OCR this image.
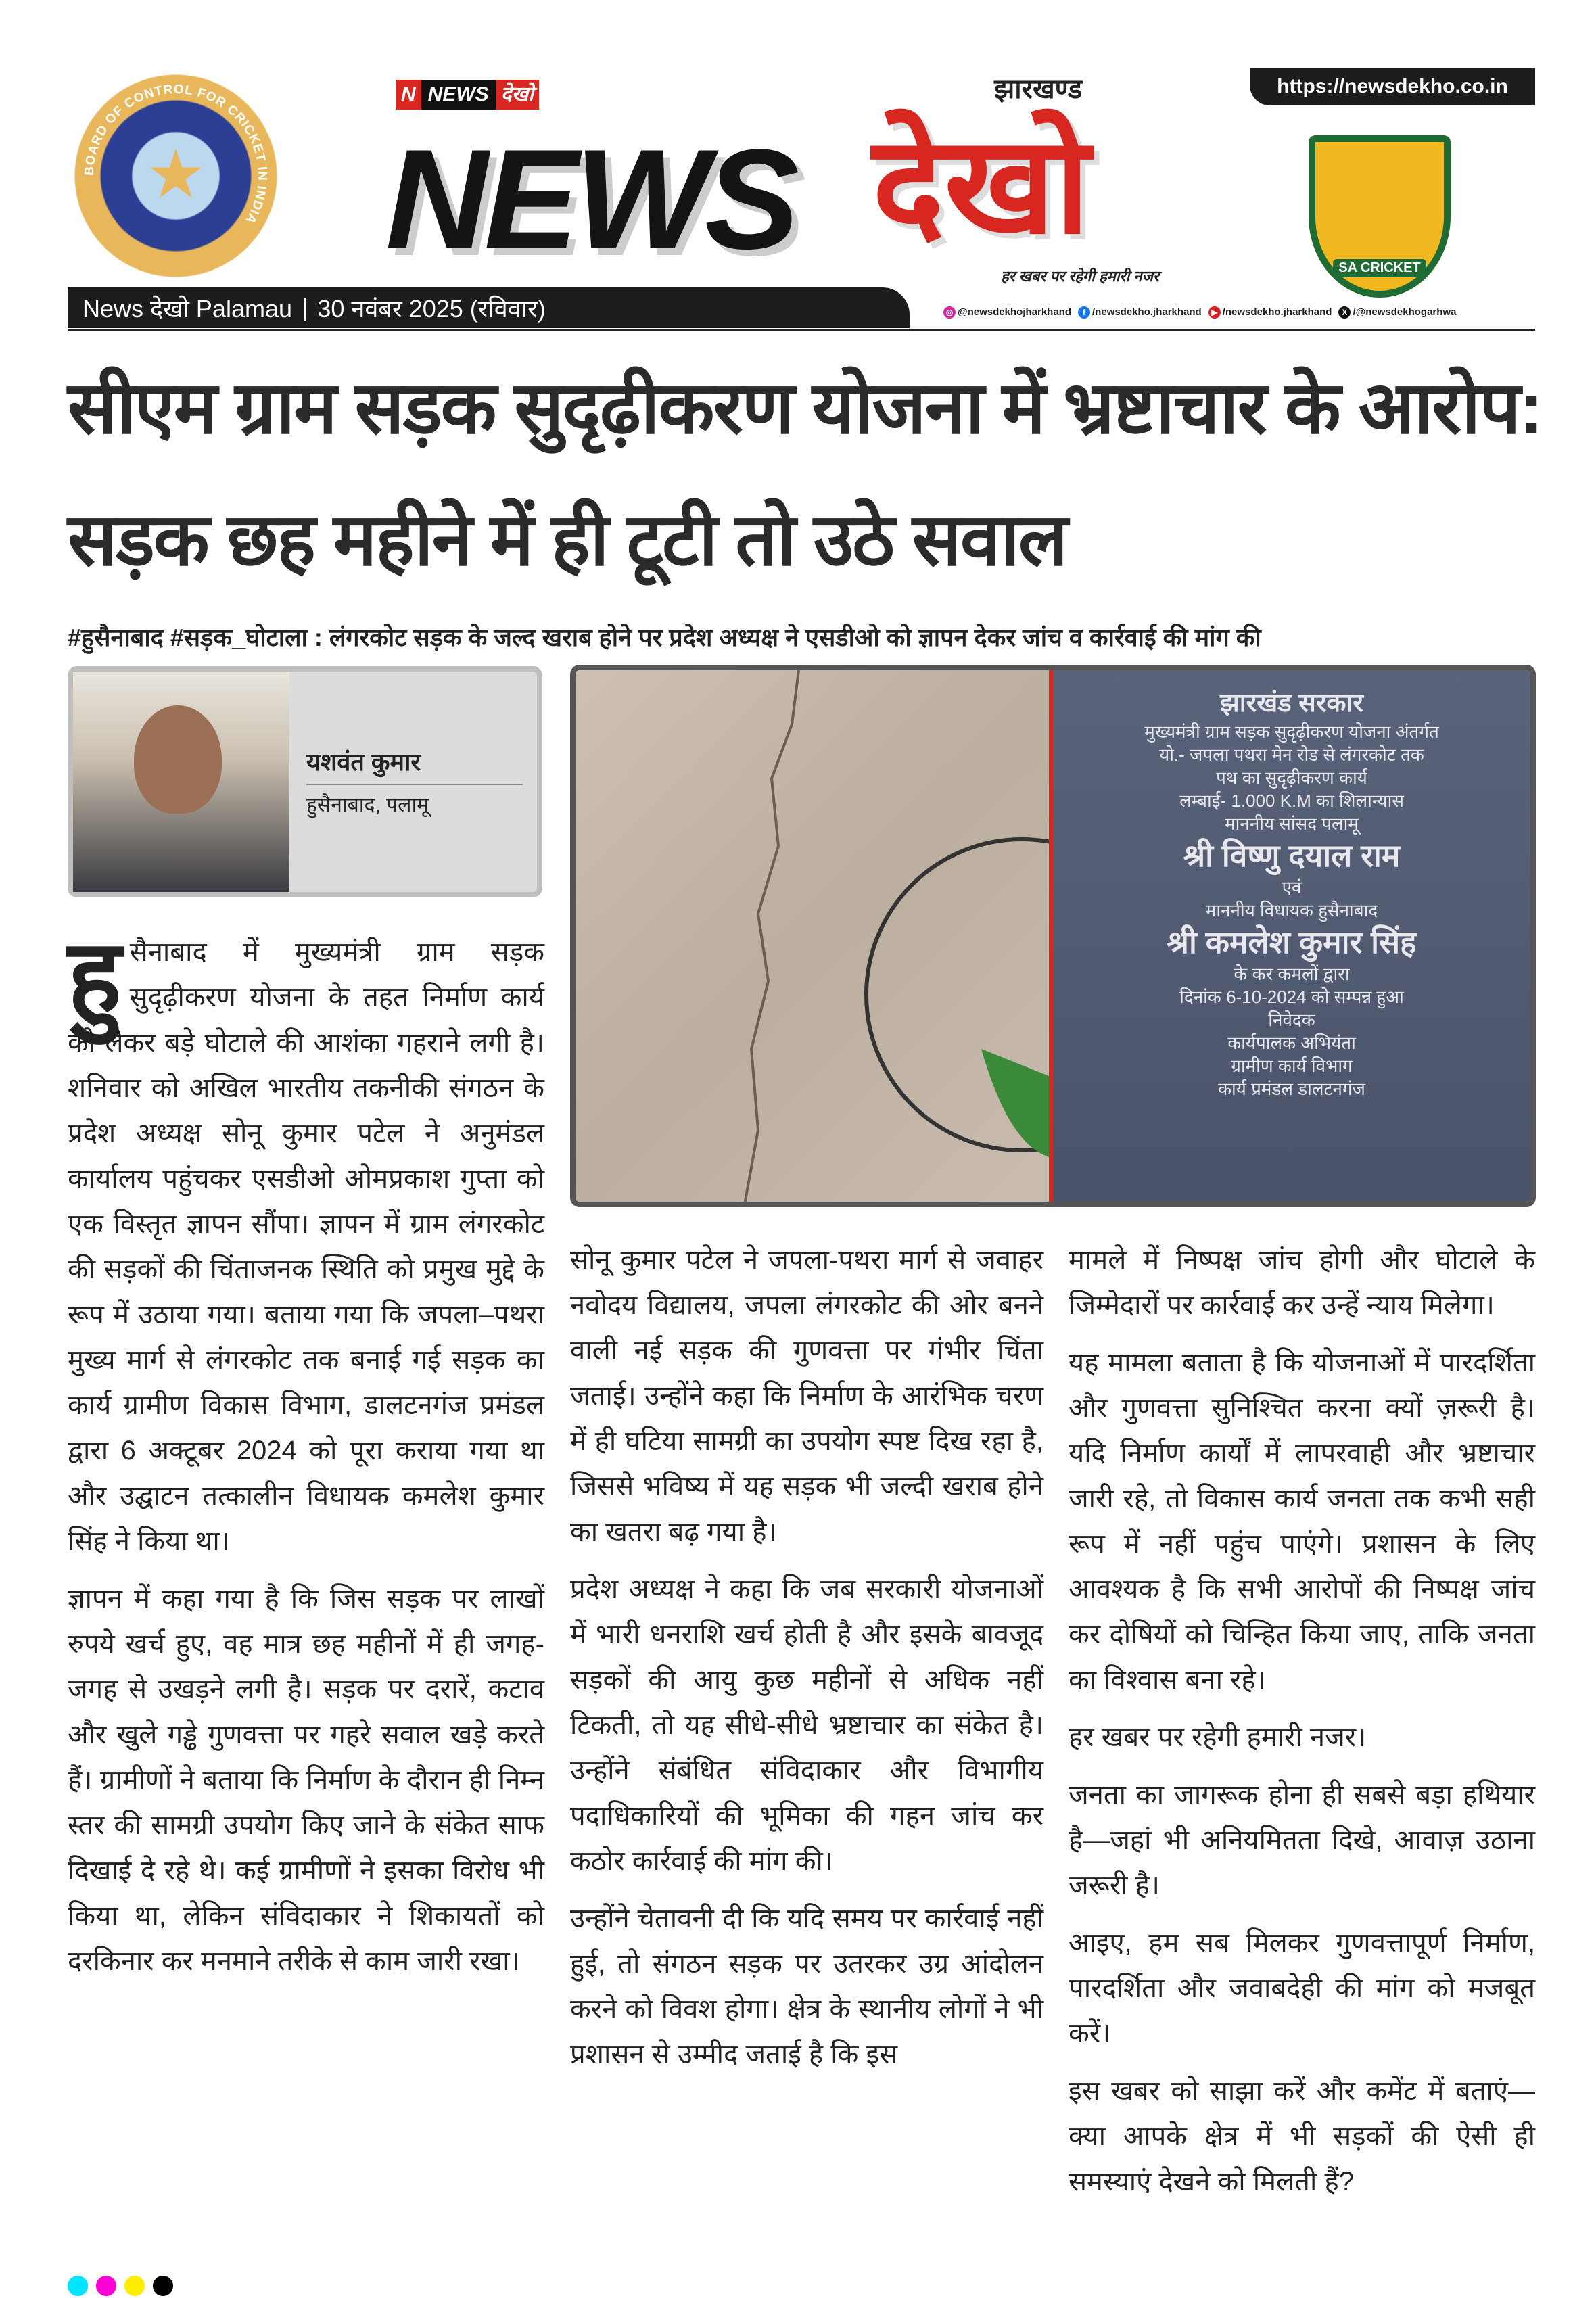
https://newsdekho.co.in
★
BOARD OF CONTROL FOR CRICKET IN INDIA
N NEWS देखो
NEWS
झारखण्ड
देखो
हर खबर पर रहेगी हमारी नजर	SA CRICKET
News देखो Palamau | 30 नवंबर 2025 (रविवार)	◎ @newsdekhojharkhand	f /newsdekho.jharkhand	▶ /newsdekho.jharkhand	X /@newsdekhogarhwa
सीएम ग्राम सड़क सुदृढ़ीकरण योजना में भ्रष्टाचार के आरोप: सड़क छह महीने में ही टूटी तो उठे सवाल
#हुसैनाबाद #सड़क_घोटाला : लंगरकोट सड़क के जल्द खराब होने पर प्रदेश अध्यक्ष ने एसडीओ को ज्ञापन देकर जांच व कार्रवाई की मांग की
यशवंत कुमार
हुसैनाबाद, पलामू
झारखंड सरकार
मुख्यमंत्री ग्राम सड़क सुदृढ़ीकरण योजना अंतर्गत
यो.- जपला पथरा मेन रोड से लंगरकोट तक
पथ का सुदृढ़ीकरण कार्य
लम्बाई- 1.000 K.M का शिलान्यास
माननीय सांसद पलामू
श्री विष्णु दयाल राम
एवं
माननीय विधायक हुसैनाबाद
श्री कमलेश कुमार सिंह
के कर कमलों द्वारा
दिनांक 6-10-2024 को सम्पन्न हुआ
निवेदक
कार्यपालक अभियंता
ग्रामीण कार्य विभाग
कार्य प्रमंडल डालटनगंज

हुसैनाबाद में मुख्यमंत्री ग्राम सड़क सुदृढ़ीकरण योजना के तहत निर्माण कार्य को लेकर बड़े घोटाले की आशंका गहराने लगी है। शनिवार को अखिल भारतीय तकनीकी संगठन के प्रदेश अध्यक्ष सोनू कुमार पटेल ने अनुमंडल कार्यालय पहुंचकर एसडीओ ओमप्रकाश गुप्ता को एक विस्तृत ज्ञापन सौंपा। ज्ञापन में ग्राम लंगरकोट की सड़कों की चिंताजनक स्थिति को प्रमुख मुद्दे के रूप में उठाया गया। बताया गया कि जपला–पथरा मुख्य मार्ग से लंगरकोट तक बनाई गई सड़क का कार्य ग्रामीण विकास विभाग, डालटनगंज प्रमंडल द्वारा 6 अक्टूबर 2024 को पूरा कराया गया था और उद्घाटन तत्कालीन विधायक कमलेश कुमार सिंह ने किया था।

ज्ञापन में कहा गया है कि जिस सड़क पर लाखों रुपये खर्च हुए, वह मात्र छह महीनों में ही जगह-जगह से उखड़ने लगी है। सड़क पर दरारें, कटाव और खुले गड्ढे गुणवत्ता पर गहरे सवाल खड़े करते हैं। ग्रामीणों ने बताया कि निर्माण के दौरान ही निम्न स्तर की सामग्री उपयोग किए जाने के संकेत साफ दिखाई दे रहे थे। कई ग्रामीणों ने इसका विरोध भी किया था, लेकिन संविदाकार ने शिकायतों को दरकिनार कर मनमाने तरीके से काम जारी रखा।

सोनू कुमार पटेल ने जपला-पथरा मार्ग से जवाहर नवोदय विद्यालय, जपला लंगरकोट की ओर बनने वाली नई सड़क की गुणवत्ता पर गंभीर चिंता जताई। उन्होंने कहा कि निर्माण के आरंभिक चरण में ही घटिया सामग्री का उपयोग स्पष्ट दिख रहा है, जिससे भविष्य में यह सड़क भी जल्दी खराब होने का खतरा बढ़ गया है।

प्रदेश अध्यक्ष ने कहा कि जब सरकारी योजनाओं में भारी धनराशि खर्च होती है और इसके बावजूद सड़कों की आयु कुछ महीनों से अधिक नहीं टिकती, तो यह सीधे-सीधे भ्रष्टाचार का संकेत है। उन्होंने संबंधित संविदाकार और विभागीय पदाधिकारियों की भूमिका की गहन जांच कर कठोर कार्रवाई की मांग की।

उन्होंने चेतावनी दी कि यदि समय पर कार्रवाई नहीं हुई, तो संगठन सड़क पर उतरकर उग्र आंदोलन करने को विवश होगा। क्षेत्र के स्थानीय लोगों ने भी प्रशासन से उम्मीद जताई है कि इस

मामले में निष्पक्ष जांच होगी और घोटाले के जिम्मेदारों पर कार्रवाई कर उन्हें न्याय मिलेगा।

यह मामला बताता है कि योजनाओं में पारदर्शिता और गुणवत्ता सुनिश्चित करना क्यों ज़रूरी है। यदि निर्माण कार्यों में लापरवाही और भ्रष्टाचार जारी रहे, तो विकास कार्य जनता तक कभी सही रूप में नहीं पहुंच पाएंगे। प्रशासन के लिए आवश्यक है कि सभी आरोपों की निष्पक्ष जांच कर दोषियों को चिन्हित किया जाए, ताकि जनता का विश्वास बना रहे।

हर खबर पर रहेगी हमारी नजर।

जनता का जागरूक होना ही सबसे बड़ा हथियार है—जहां भी अनियमितता दिखे, आवाज़ उठाना जरूरी है।

आइए, हम सब मिलकर गुणवत्तापूर्ण निर्माण, पारदर्शिता और जवाबदेही की मांग को मजबूत करें।

इस खबर को साझा करें और कमेंट में बताएं—क्या आपके क्षेत्र में भी सड़कों की ऐसी ही समस्याएं देखने को मिलती हैं?
